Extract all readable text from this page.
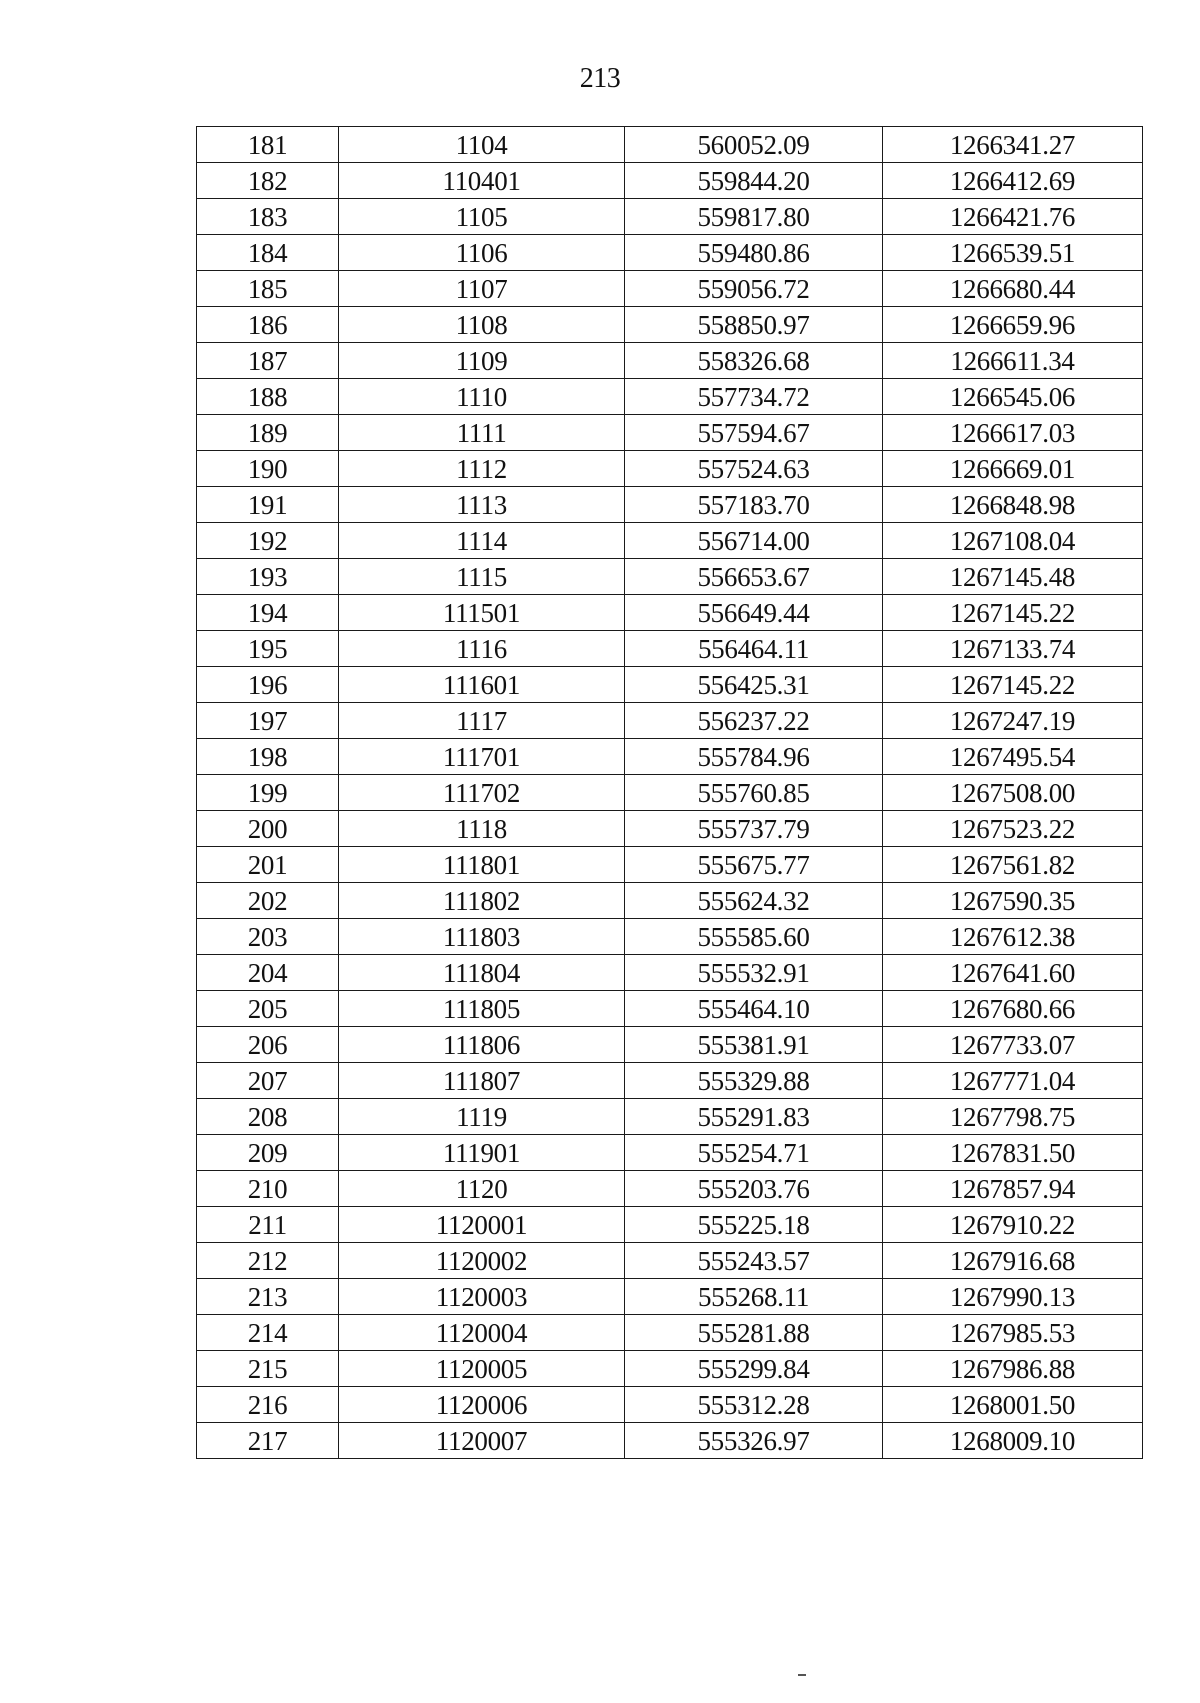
213
181	1104	560052.09	1266341.27
182	110401	559844.20	1266412.69
183	1105	559817.80	1266421.76
184	1106	559480.86	1266539.51
185	1107	559056.72	1266680.44
186	1108	558850.97	1266659.96
187	1109	558326.68	1266611.34
188	1110	557734.72	1266545.06
189	1111	557594.67	1266617.03
190	1112	557524.63	1266669.01
191	1113	557183.70	1266848.98
192	1114	556714.00	1267108.04
193	1115	556653.67	1267145.48
194	111501	556649.44	1267145.22
195	1116	556464.11	1267133.74
196	111601	556425.31	1267145.22
197	1117	556237.22	1267247.19
198	111701	555784.96	1267495.54
199	111702	555760.85	1267508.00
200	1118	555737.79	1267523.22
201	111801	555675.77	1267561.82
202	111802	555624.32	1267590.35
203	111803	555585.60	1267612.38
204	111804	555532.91	1267641.60
205	111805	555464.10	1267680.66
206	111806	555381.91	1267733.07
207	111807	555329.88	1267771.04
208	1119	555291.83	1267798.75
209	111901	555254.71	1267831.50
210	1120	555203.76	1267857.94
211	1120001	555225.18	1267910.22
212	1120002	555243.57	1267916.68
213	1120003	555268.11	1267990.13
214	1120004	555281.88	1267985.53
215	1120005	555299.84	1267986.88
216	1120006	555312.28	1268001.50
217	1120007	555326.97	1268009.10
